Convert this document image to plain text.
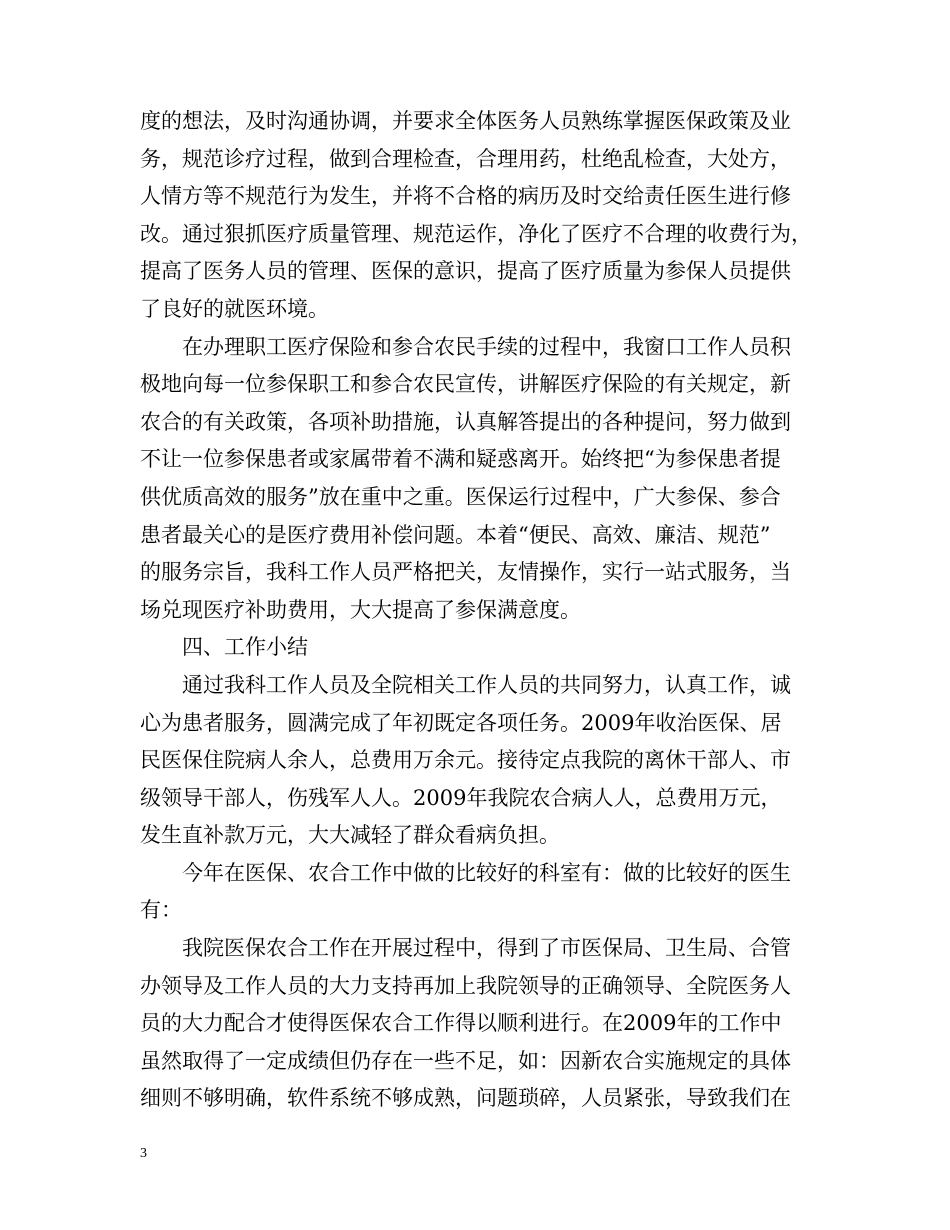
度的想法，及时沟通协调，并要求全体医务人员熟练掌握医保政策及业
务，规范诊疗过程，做到合理检查，合理用药，杜绝乱检查，大处方，
人情方等不规范行为发生，并将不合格的病历及时交给责任医生进行修
改。通过狠抓医疗质量管理、规范运作，净化了医疗不合理的收费行为，
提高了医务人员的管理、医保的意识，提高了医疗质量为参保人员提供
了良好的就医环境。
在办理职工医疗保险和参合农民手续的过程中，我窗口工作人员积
极地向每一位参保职工和参合农民宣传，讲解医疗保险的有关规定，新
农合的有关政策，各项补助措施，认真解答提出的各种提问，努力做到
不让一位参保患者或家属带着不满和疑惑离开。始终把“为参保患者提
供优质高效的服务”放在重中之重。医保运行过程中，广大参保、参合
患者最关心的是医疗费用补偿问题。本着“便民、高效、廉洁、规范”
的服务宗旨，我科工作人员严格把关，友情操作，实行一站式服务，当
场兑现医疗补助费用，大大提高了参保满意度。
四、工作小结
通过我科工作人员及全院相关工作人员的共同努力，认真工作，诚
心为患者服务，圆满完成了年初既定各项任务。2009年收治医保、居
民医保住院病人余人，总费用万余元。接待定点我院的离休干部人、市
级领导干部人，伤残军人人。2009年我院农合病人人，总费用万元，
发生直补款万元，大大减轻了群众看病负担。
今年在医保、农合工作中做的比较好的科室有：做的比较好的医生
有：
我院医保农合工作在开展过程中，得到了市医保局、卫生局、合管
办领导及工作人员的大力支持再加上我院领导的正确领导、全院医务人
员的大力配合才使得医保农合工作得以顺利进行。在2009年的工作中
虽然取得了一定成绩但仍存在一些不足，如：因新农合实施规定的具体
细则不够明确，软件系统不够成熟，问题琐碎，人员紧张，导致我们在
3
